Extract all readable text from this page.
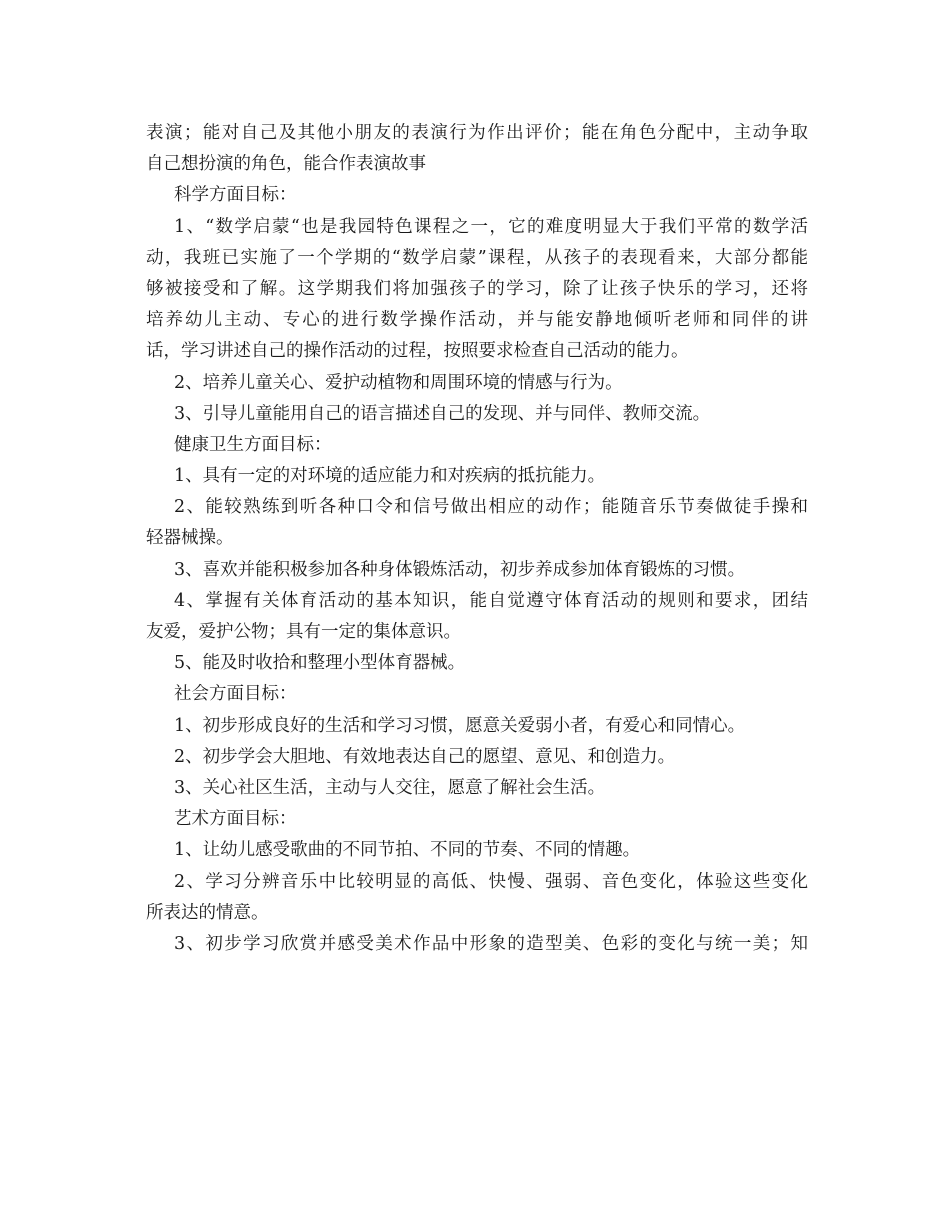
表演；能对自己及其他小朋友的表演行为作出评价；能在角色分配中，主动争取
自己想扮演的角色，能合作表演故事
科学方面目标：
1、“数学启蒙“也是我园特色课程之一，它的难度明显大于我们平常的数学活
动，我班已实施了一个学期的“数学启蒙”课程，从孩子的表现看来，大部分都能
够被接受和了解。这学期我们将加强孩子的学习，除了让孩子快乐的学习，还将
培养幼儿主动、专心的进行数学操作活动，并与能安静地倾听老师和同伴的讲
话，学习讲述自己的操作活动的过程，按照要求检查自己活动的能力。
2、培养儿童关心、爱护动植物和周围环境的情感与行为。
3、引导儿童能用自己的语言描述自己的发现、并与同伴、教师交流。
健康卫生方面目标：
1、具有一定的对环境的适应能力和对疾病的抵抗能力。
2、能较熟练到听各种口令和信号做出相应的动作；能随音乐节奏做徒手操和
轻器械操。
3、喜欢并能积极参加各种身体锻炼活动，初步养成参加体育锻炼的习惯。
4、掌握有关体育活动的基本知识，能自觉遵守体育活动的规则和要求，团结
友爱，爱护公物；具有一定的集体意识。
5、能及时收拾和整理小型体育器械。
社会方面目标：
1、初步形成良好的生活和学习习惯，愿意关爱弱小者，有爱心和同情心。
2、初步学会大胆地、有效地表达自己的愿望、意见、和创造力。
3、关心社区生活，主动与人交往，愿意了解社会生活。
艺术方面目标：
1、让幼儿感受歌曲的不同节拍、不同的节奏、不同的情趣。
2、学习分辨音乐中比较明显的高低、快慢、强弱、音色变化，体验这些变化
所表达的情意。
3、初步学习欣赏并感受美术作品中形象的造型美、色彩的变化与统一美；知
